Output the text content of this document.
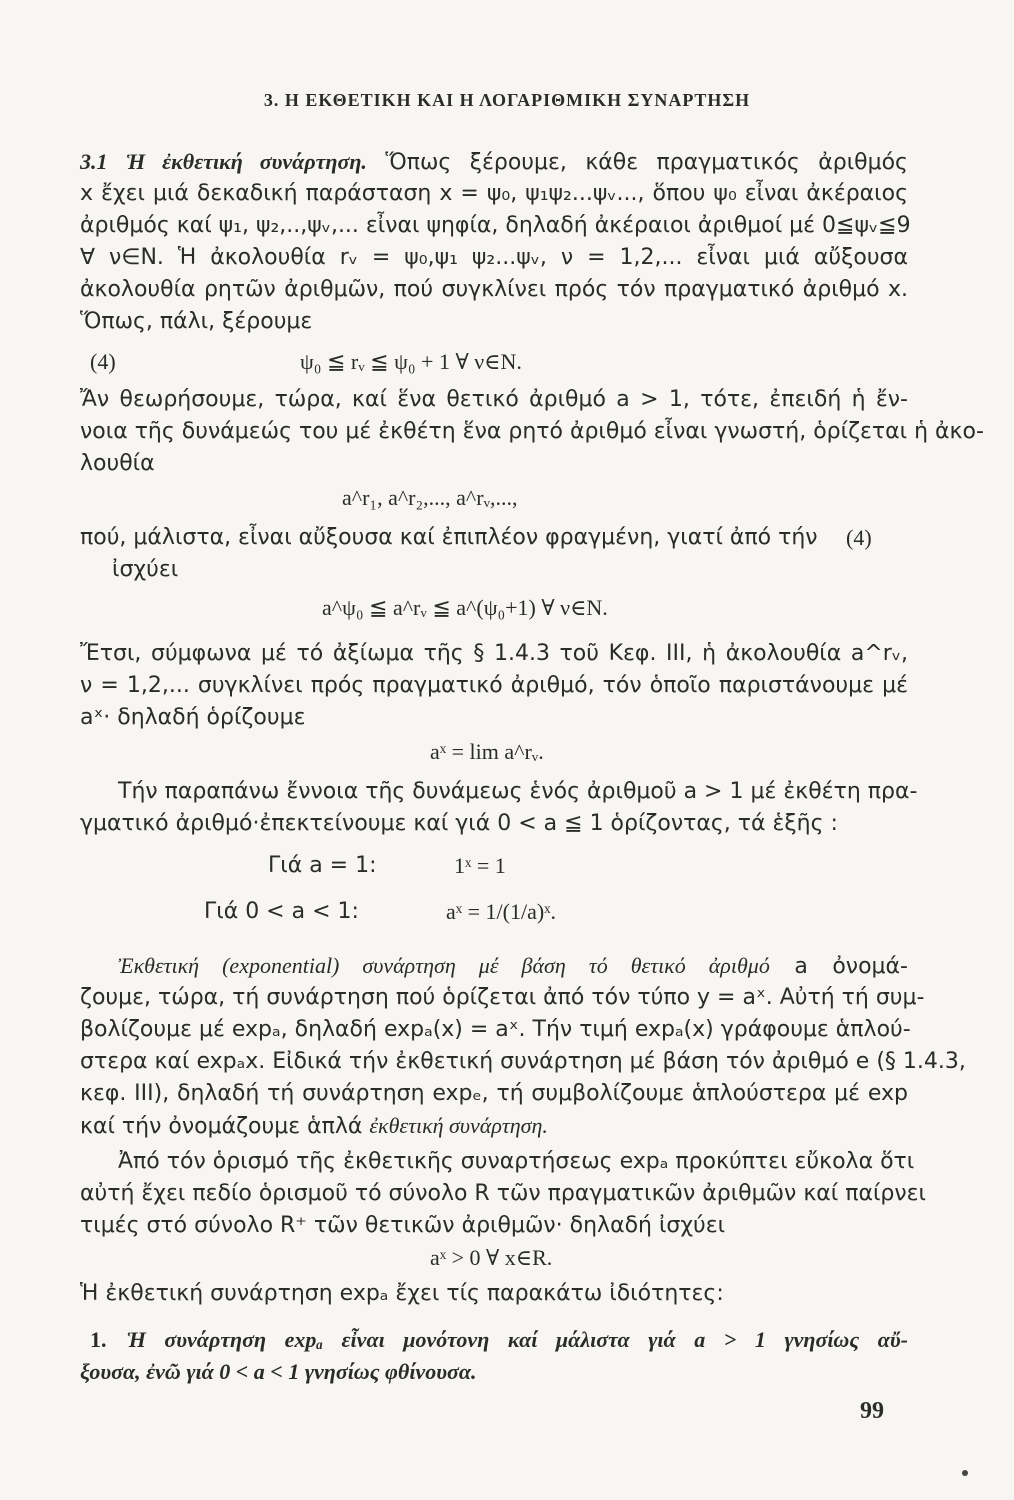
3. Η ΕΚΘΕΤΙΚΗ ΚΑΙ Η ΛΟΓΑΡΙΘΜΙΚΗ ΣΥΝΑΡΤΗΣΗ
3.1 Ἡ ἐκθετική συνάρτηση. Ὅπως ξέρουμε, κάθε πραγματικός ἀριθμός
x ἔχει μιά δεκαδική παράσταση x = ψ₀, ψ₁ψ₂...ψᵥ..., ὅπου ψ₀ εἶναι ἀκέραιος
ἀριθμός καί ψ₁, ψ₂,..,ψᵥ,... εἶναι ψηφία, δηλαδή ἀκέραιοι ἀριθμοί μέ 0≦ψᵥ≦9
∀ ν∈N. Ἡ ἀκολουθία rᵥ = ψ₀,ψ₁ ψ₂...ψᵥ, ν = 1,2,... εἶναι μιά αὔξουσα
ἀκολουθία ρητῶν ἀριθμῶν, πού συγκλίνει πρός τόν πραγματικό ἀριθμό x.
Ὅπως, πάλι, ξέρουμε
(4)	ψ₀ ≦ rᵥ ≦ ψ₀ + 1 ∀ ν∈N.
Ἄν θεωρήσουμε, τώρα, καί ἕνα θετικό ἀριθμό a > 1, τότε, ἐπειδή ἡ ἔν-
νοια τῆς δυνάμεώς του μέ ἐκθέτη ἕνα ρητό ἀριθμό εἶναι γνωστή, ὁρίζεται ἡ ἀκο-
λουθία
a^r₁, a^r₂,..., a^rᵥ,...,
πού, μάλιστα, εἶναι αὔξουσα καί ἐπιπλέον φραγμένη, γιατί ἀπό τήν	(4)
ἰσχύει
a^ψ₀ ≦ a^rᵥ ≦ a^(ψ₀+1) ∀ ν∈N.
Ἔτσι, σύμφωνα μέ τό ἀξίωμα τῆς § 1.4.3 τοῦ Κεφ. III, ἡ ἀκολουθία a^rᵥ,
ν = 1,2,... συγκλίνει πρός πραγματικό ἀριθμό, τόν ὁποῖο παριστάνουμε μέ
aˣ· δηλαδή ὁρίζουμε
aˣ = lim a^rᵥ.
Τήν παραπάνω ἔννοια τῆς δυνάμεως ἑνός ἀριθμοῦ a > 1 μέ ἐκθέτη πρα-
γματικό ἀριθμό·ἐπεκτείνουμε καί γιά 0 < a ≦ 1 ὁρίζοντας, τά ἑξῆς :
Γιά a = 1:	1ˣ = 1
Γιά 0 < a < 1:	aˣ = 1/(1/a)ˣ.
Ἐκθετική (exponential) συνάρτηση μέ βάση τό θετικό ἀριθμό a ὀνομά-
ζουμε, τώρα, τή συνάρτηση πού ὁρίζεται ἀπό τόν τύπο y = aˣ. Αὐτή τή συμ-
βολίζουμε μέ expₐ, δηλαδή expₐ(x) = aˣ. Τήν τιμή expₐ(x) γράφουμε ἁπλού-
στερα καί expₐx. Εἰδικά τήν ἐκθετική συνάρτηση μέ βάση τόν ἀριθμό e (§ 1.4.3,
κεφ. III), δηλαδή τή συνάρτηση expₑ, τή συμβολίζουμε ἁπλούστερα μέ exp
καί τήν ὀνομάζουμε ἁπλά ἐκθετική συνάρτηση.
Ἀπό τόν ὁρισμό τῆς ἐκθετικῆς συναρτήσεως expₐ προκύπτει εὔκολα ὅτι
αὐτή ἔχει πεδίο ὁρισμοῦ τό σύνολο R τῶν πραγματικῶν ἀριθμῶν καί παίρνει
τιμές στό σύνολο R⁺ τῶν θετικῶν ἀριθμῶν· δηλαδή ἰσχύει
aˣ > 0 ∀ x∈R.
Ἡ ἐκθετική συνάρτηση expₐ ἔχει τίς παρακάτω ἰδιότητες:
1. Ἡ συνάρτηση expₐ εἶναι μονότονη καί μάλιστα γιά a > 1 γνησίως αὔ-
ξουσα, ἐνῶ γιά 0 < a < 1 γνησίως φθίνουσα.
99
